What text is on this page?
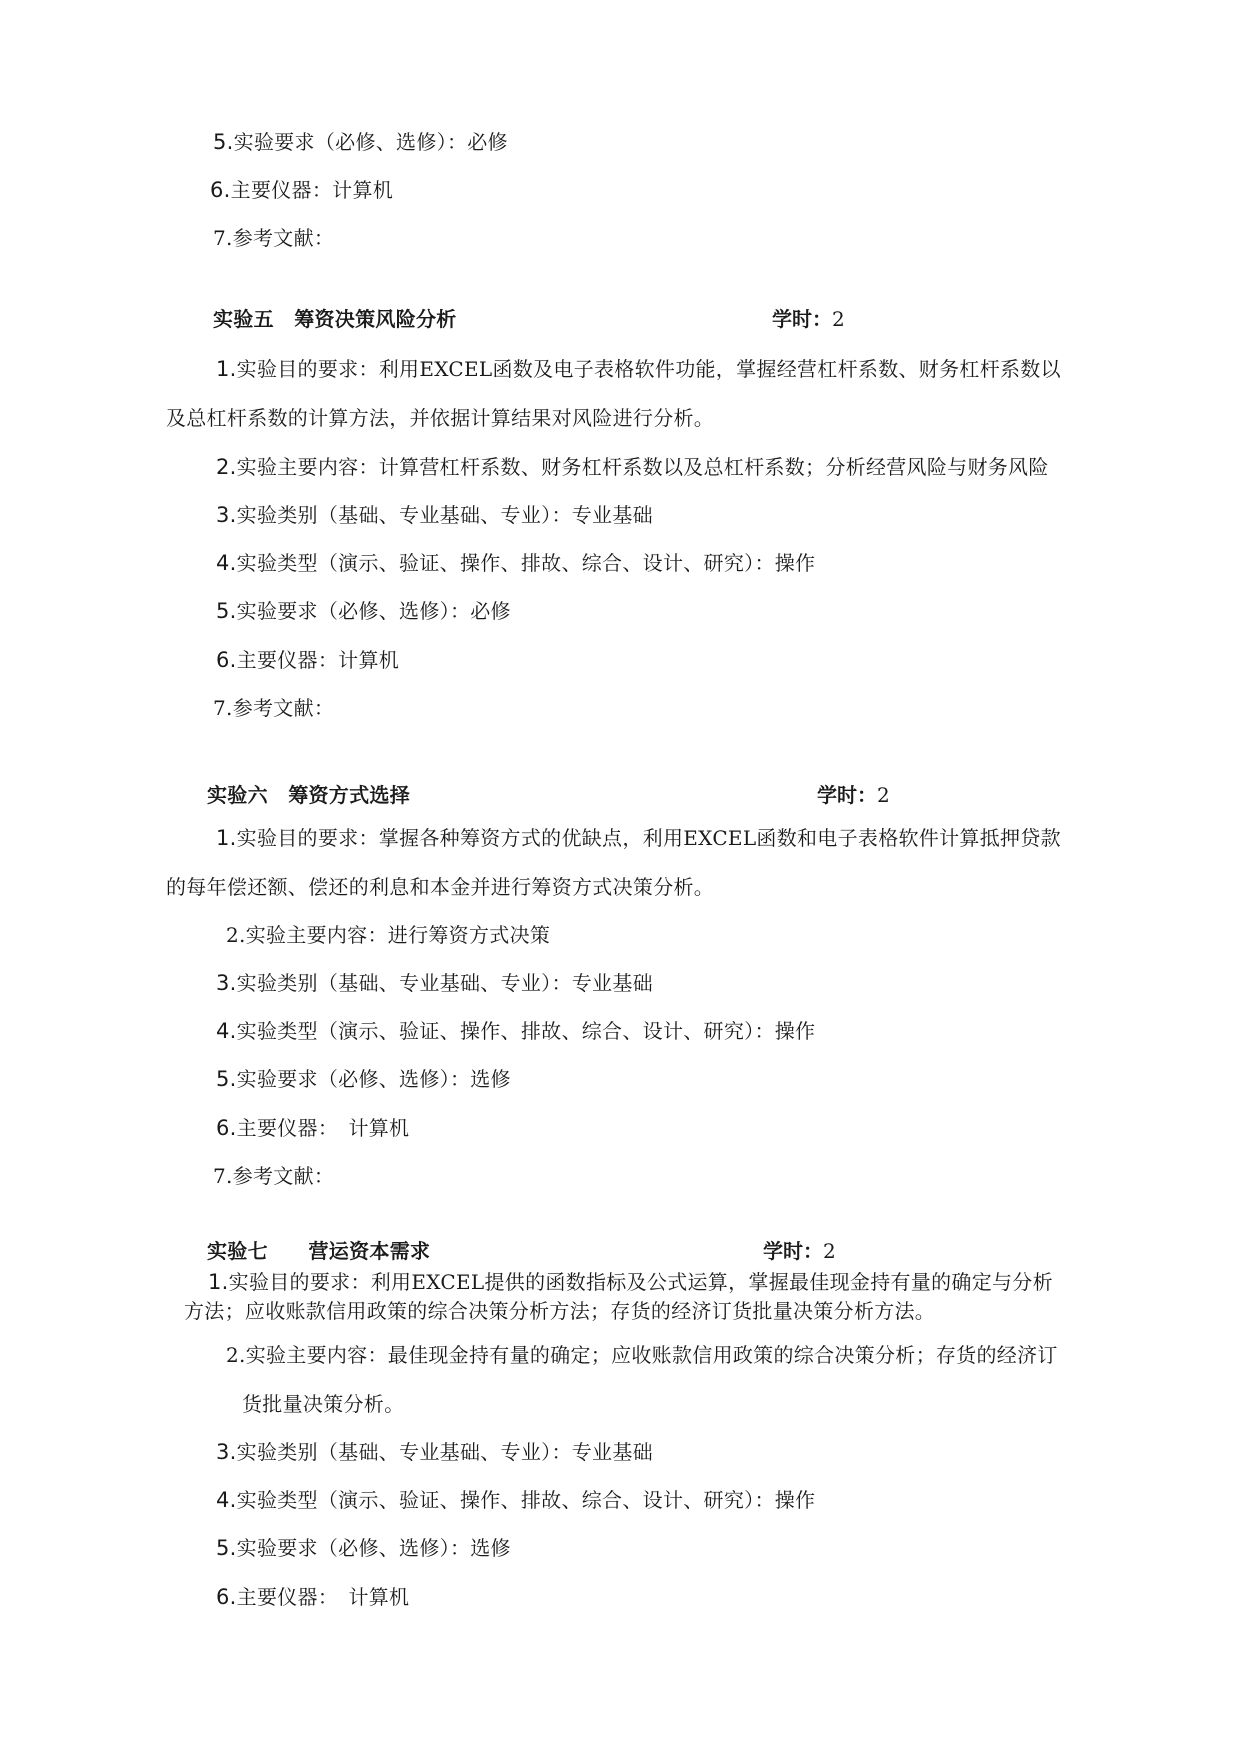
5.实验要求（必修、选修）：必修
6.主要仪器：计算机
7.参考文献：
实验五　筹资决策风险分析	学时：2
1.实验目的要求：利用EXCEL函数及电子表格软件功能，掌握经营杠杆系数、财务杠杆系数以
及总杠杆系数的计算方法，并依据计算结果对风险进行分析。
2.实验主要内容：计算营杠杆系数、财务杠杆系数以及总杠杆系数；分析经营风险与财务风险
3.实验类别（基础、专业基础、专业）：专业基础
4.实验类型（演示、验证、操作、排故、综合、设计、研究）：操作
5.实验要求（必修、选修）：必修
6.主要仪器：计算机
7.参考文献：
实验六　筹资方式选择	学时：2
1.实验目的要求：掌握各种筹资方式的优缺点，利用EXCEL函数和电子表格软件计算抵押贷款
的每年偿还额、偿还的利息和本金并进行筹资方式决策分析。
2.实验主要内容：进行筹资方式决策
3.实验类别（基础、专业基础、专业）：专业基础
4.实验类型（演示、验证、操作、排故、综合、设计、研究）：操作
5.实验要求（必修、选修）：选修
6.主要仪器：　计算机
7.参考文献：
实验七　　营运资本需求	学时：2
1.实验目的要求：利用EXCEL提供的函数指标及公式运算，掌握最佳现金持有量的确定与分析
方法；应收账款信用政策的综合决策分析方法；存货的经济订货批量决策分析方法。
2.实验主要内容：最佳现金持有量的确定；应收账款信用政策的综合决策分析；存货的经济订
货批量决策分析。
3.实验类别（基础、专业基础、专业）：专业基础
4.实验类型（演示、验证、操作、排故、综合、设计、研究）：操作
5.实验要求（必修、选修）：选修
6.主要仪器：　计算机
